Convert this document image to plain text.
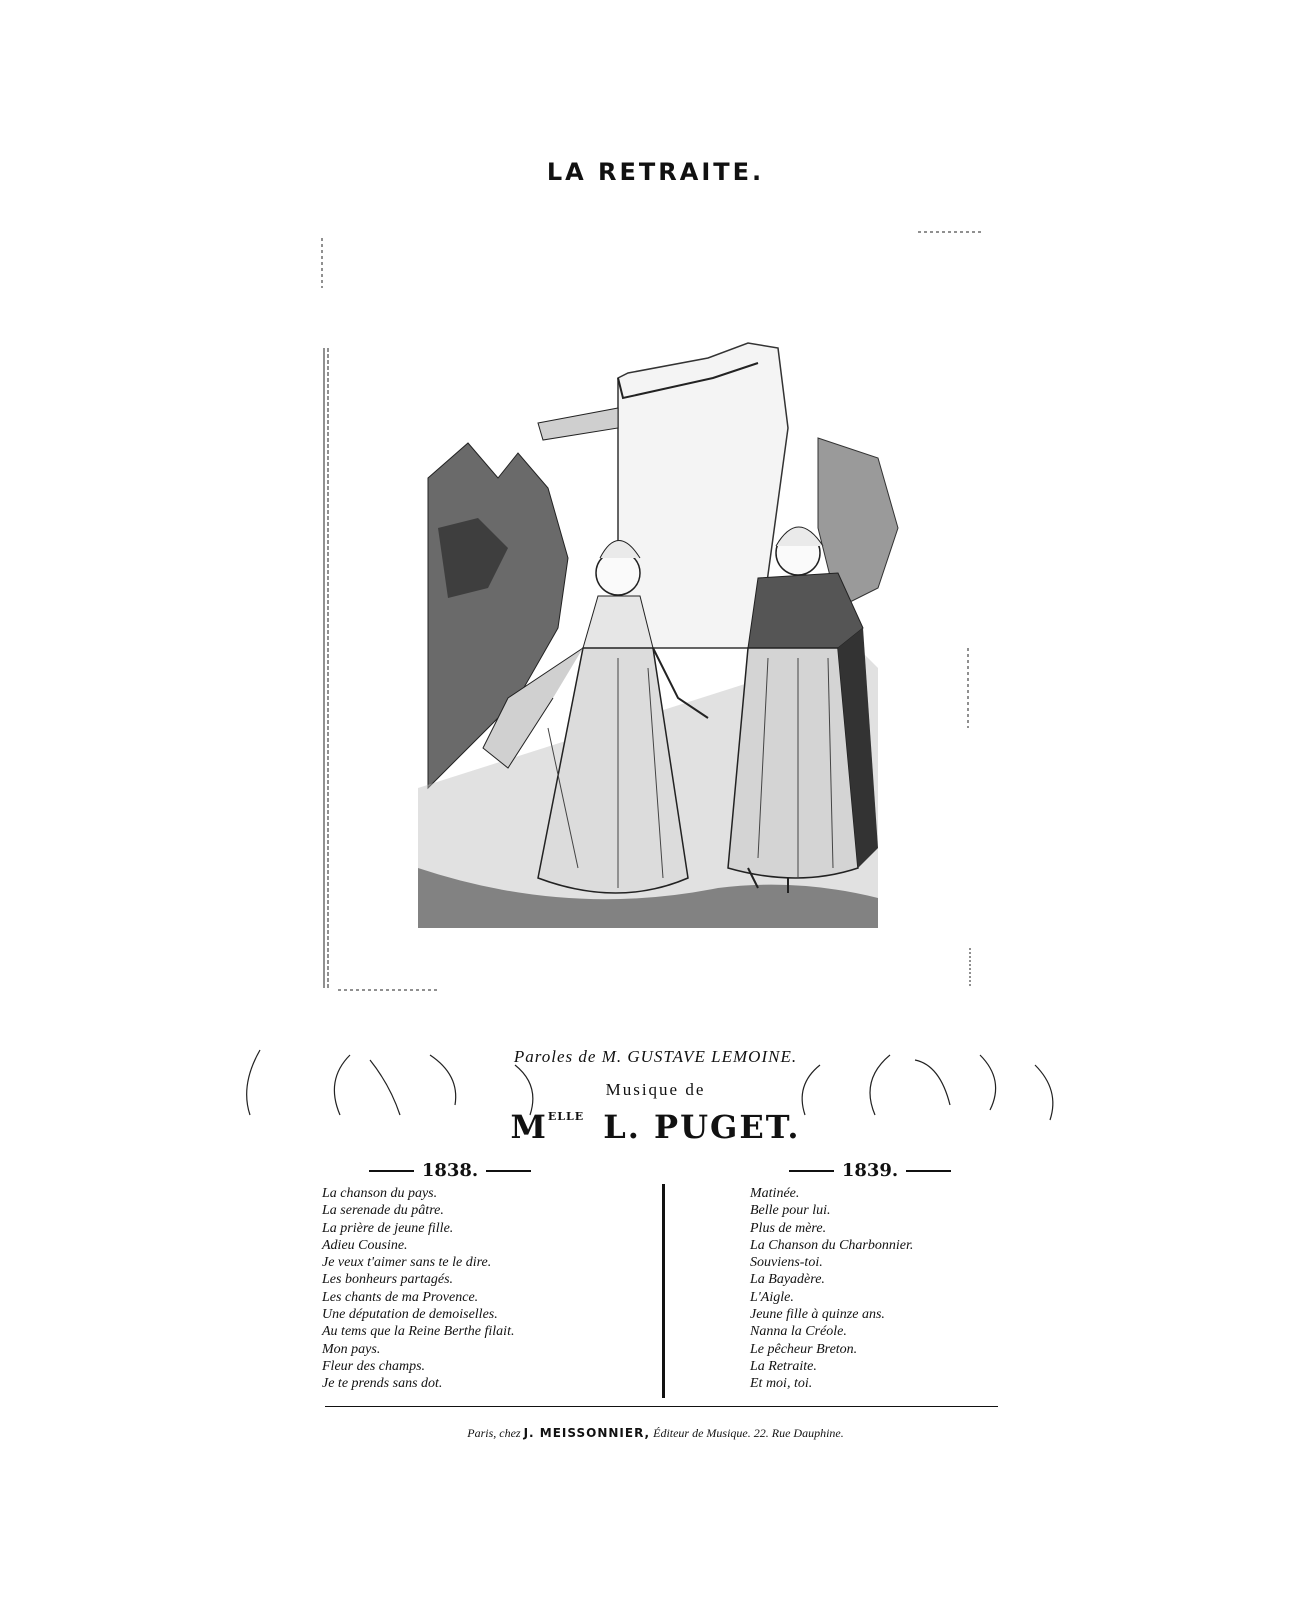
LA RETRAITE.
Paroles de M. GUSTAVE LEMOINE.
Musique de
$M^{ELLE}$ L. PUGET.
1838.	1839.
La chanson du pays.
La serenade du pâtre.
La prière de jeune fille.
Adieu Cousine.
Je veux t'aimer sans te le dire.
Les bonheurs partagés.
Les chants de ma Provence.
Une députation de demoiselles.
Au tems que la Reine Berthe filait.
Mon pays.
Fleur des champs.
Je te prends sans dot.
Matinée.
Belle pour lui.
Plus de mère.
La Chanson du Charbonnier.
Souviens-toi.
La Bayadère.
L'Aigle.
Jeune fille à quinze ans.
Nanna la Créole.
Le pêcheur Breton.
La Retraite.
Et moi, toi.
Paris, chez J. MEISSONNIER, Éditeur de Musique. 22. Rue Dauphine.
